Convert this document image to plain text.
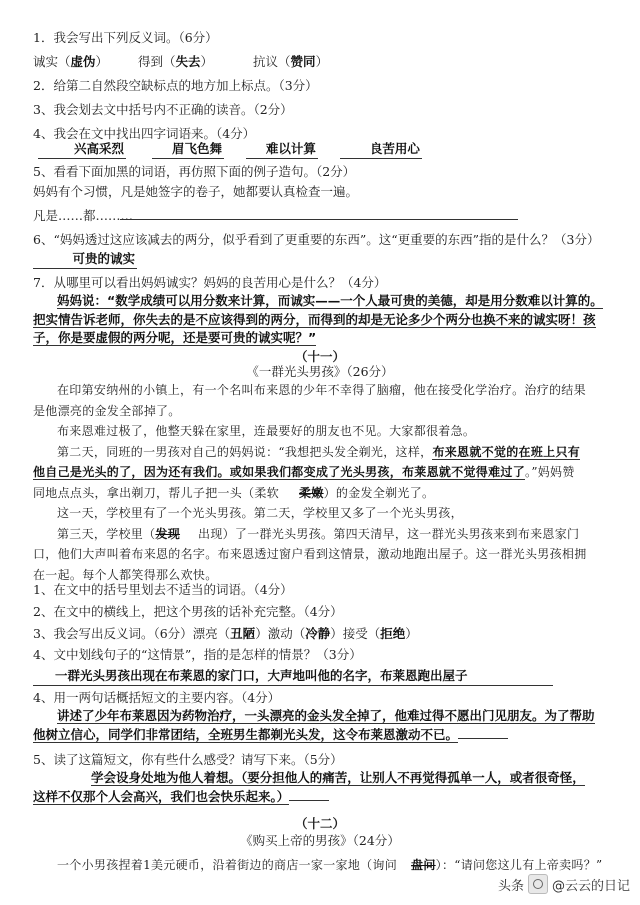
1．我会写出下列反义词。（6分）
诚实（虚伪） 得到（失去）	抗议（赞同）
2．给第二自然段空缺标点的地方加上标点。（3分）
3、我会划去文中括号内不正确的读音。（2分）
4、我会在文中找出四字词语来。（4分）
兴高采烈	眉飞色舞	难以计算	良苦用心
5、看看下面加黑的词语，再仿照下面的例子造句。（2分）
妈妈有个习惯，凡是她签字的卷子，她都要认真检查一遍。
凡是……都………
6、“妈妈透过这应该减去的两分，似乎看到了更重要的东西”。这“更重要的东西”指的是什么？（3分）
可贵的诚实
7．从哪里可以看出妈妈诚实？妈妈的良苦用心是什么？（4分）
妈妈说：“数学成绩可以用分数来计算，而诚实——一个人最可贵的美德，却是用分数难以计算的。
把实情告诉老师，你失去的是不应该得到的两分，而得到的却是无论多少个两分也换不来的诚实呀！孩
子，你是要虚假的两分呢，还是要可贵的诚实呢？”
（十一）
《一群光头男孩》（26分）
在印第安纳州的小镇上，有一个名叫布来恩的少年不幸得了脑瘤，他在接受化学治疗。治疗的结果
是他漂亮的金发全部掉了。
布来恩难过极了，他整天躲在家里，连最要好的朋友也不见。大家都很着急。
第二天，同班的一男孩对自己的妈妈说：“我想把头发全剃光，这样，布来恩就不觉的在班上只有
他自己是光头的了，因为还有我们。或如果我们都变成了光头男孩，布莱恩就不觉得难过了。”妈妈赞
同地点点头，拿出剃刀，帮儿子把一头（柔软 柔嫩）的金发全剃光了。
这一天，学校里有了一个光头男孩。第二天，学校里又多了一个光头男孩，
第三天，学校里（发现 出现）了一群光头男孩。第四天清早，这一群光头男孩来到布来恩家门
口，他们大声叫着布来恩的名字。布来恩透过窗户看到这情景，激动地跑出屋子。这一群光头男孩相拥
在一起。每个人都笑得那么欢快。
1、在文中的括号里划去不适当的词语。（4分）
2、在文中的横线上，把这个男孩的话补充完整。（4分）
3、我会写出反义词。（6分）漂亮（丑陋）激动（冷静）接受（拒绝）
4、文中划线句子的“这情景”，指的是怎样的情景？（3分）
一群光头男孩出现在布莱恩的家门口，大声地叫他的名字，布莱恩跑出屋子
4、用一两句话概括短文的主要内容。（4分）
讲述了少年布莱恩因为药物治疗，一头漂亮的金头发全掉了，他难过得不愿出门见朋友。为了帮助
他树立信心，同学们非常团结，全班男生都剃光头发，这令布莱恩激动不已。
5、读了这篇短文，你有些什么感受？请写下来。（5分）
学会设身处地为他人着想。（要分担他人的痛苦，让别人不再觉得孤单一人，或者很奇怪，
这样不仅那个人会高兴，我们也会快乐起来。）
（十二）
《购买上帝的男孩》（24分）
一个小男孩捏着1美元硬币，沿着街边的商店一家一家地（询问 盘问）：“请问您这儿有上帝卖吗？”
头条 @云云的日记
